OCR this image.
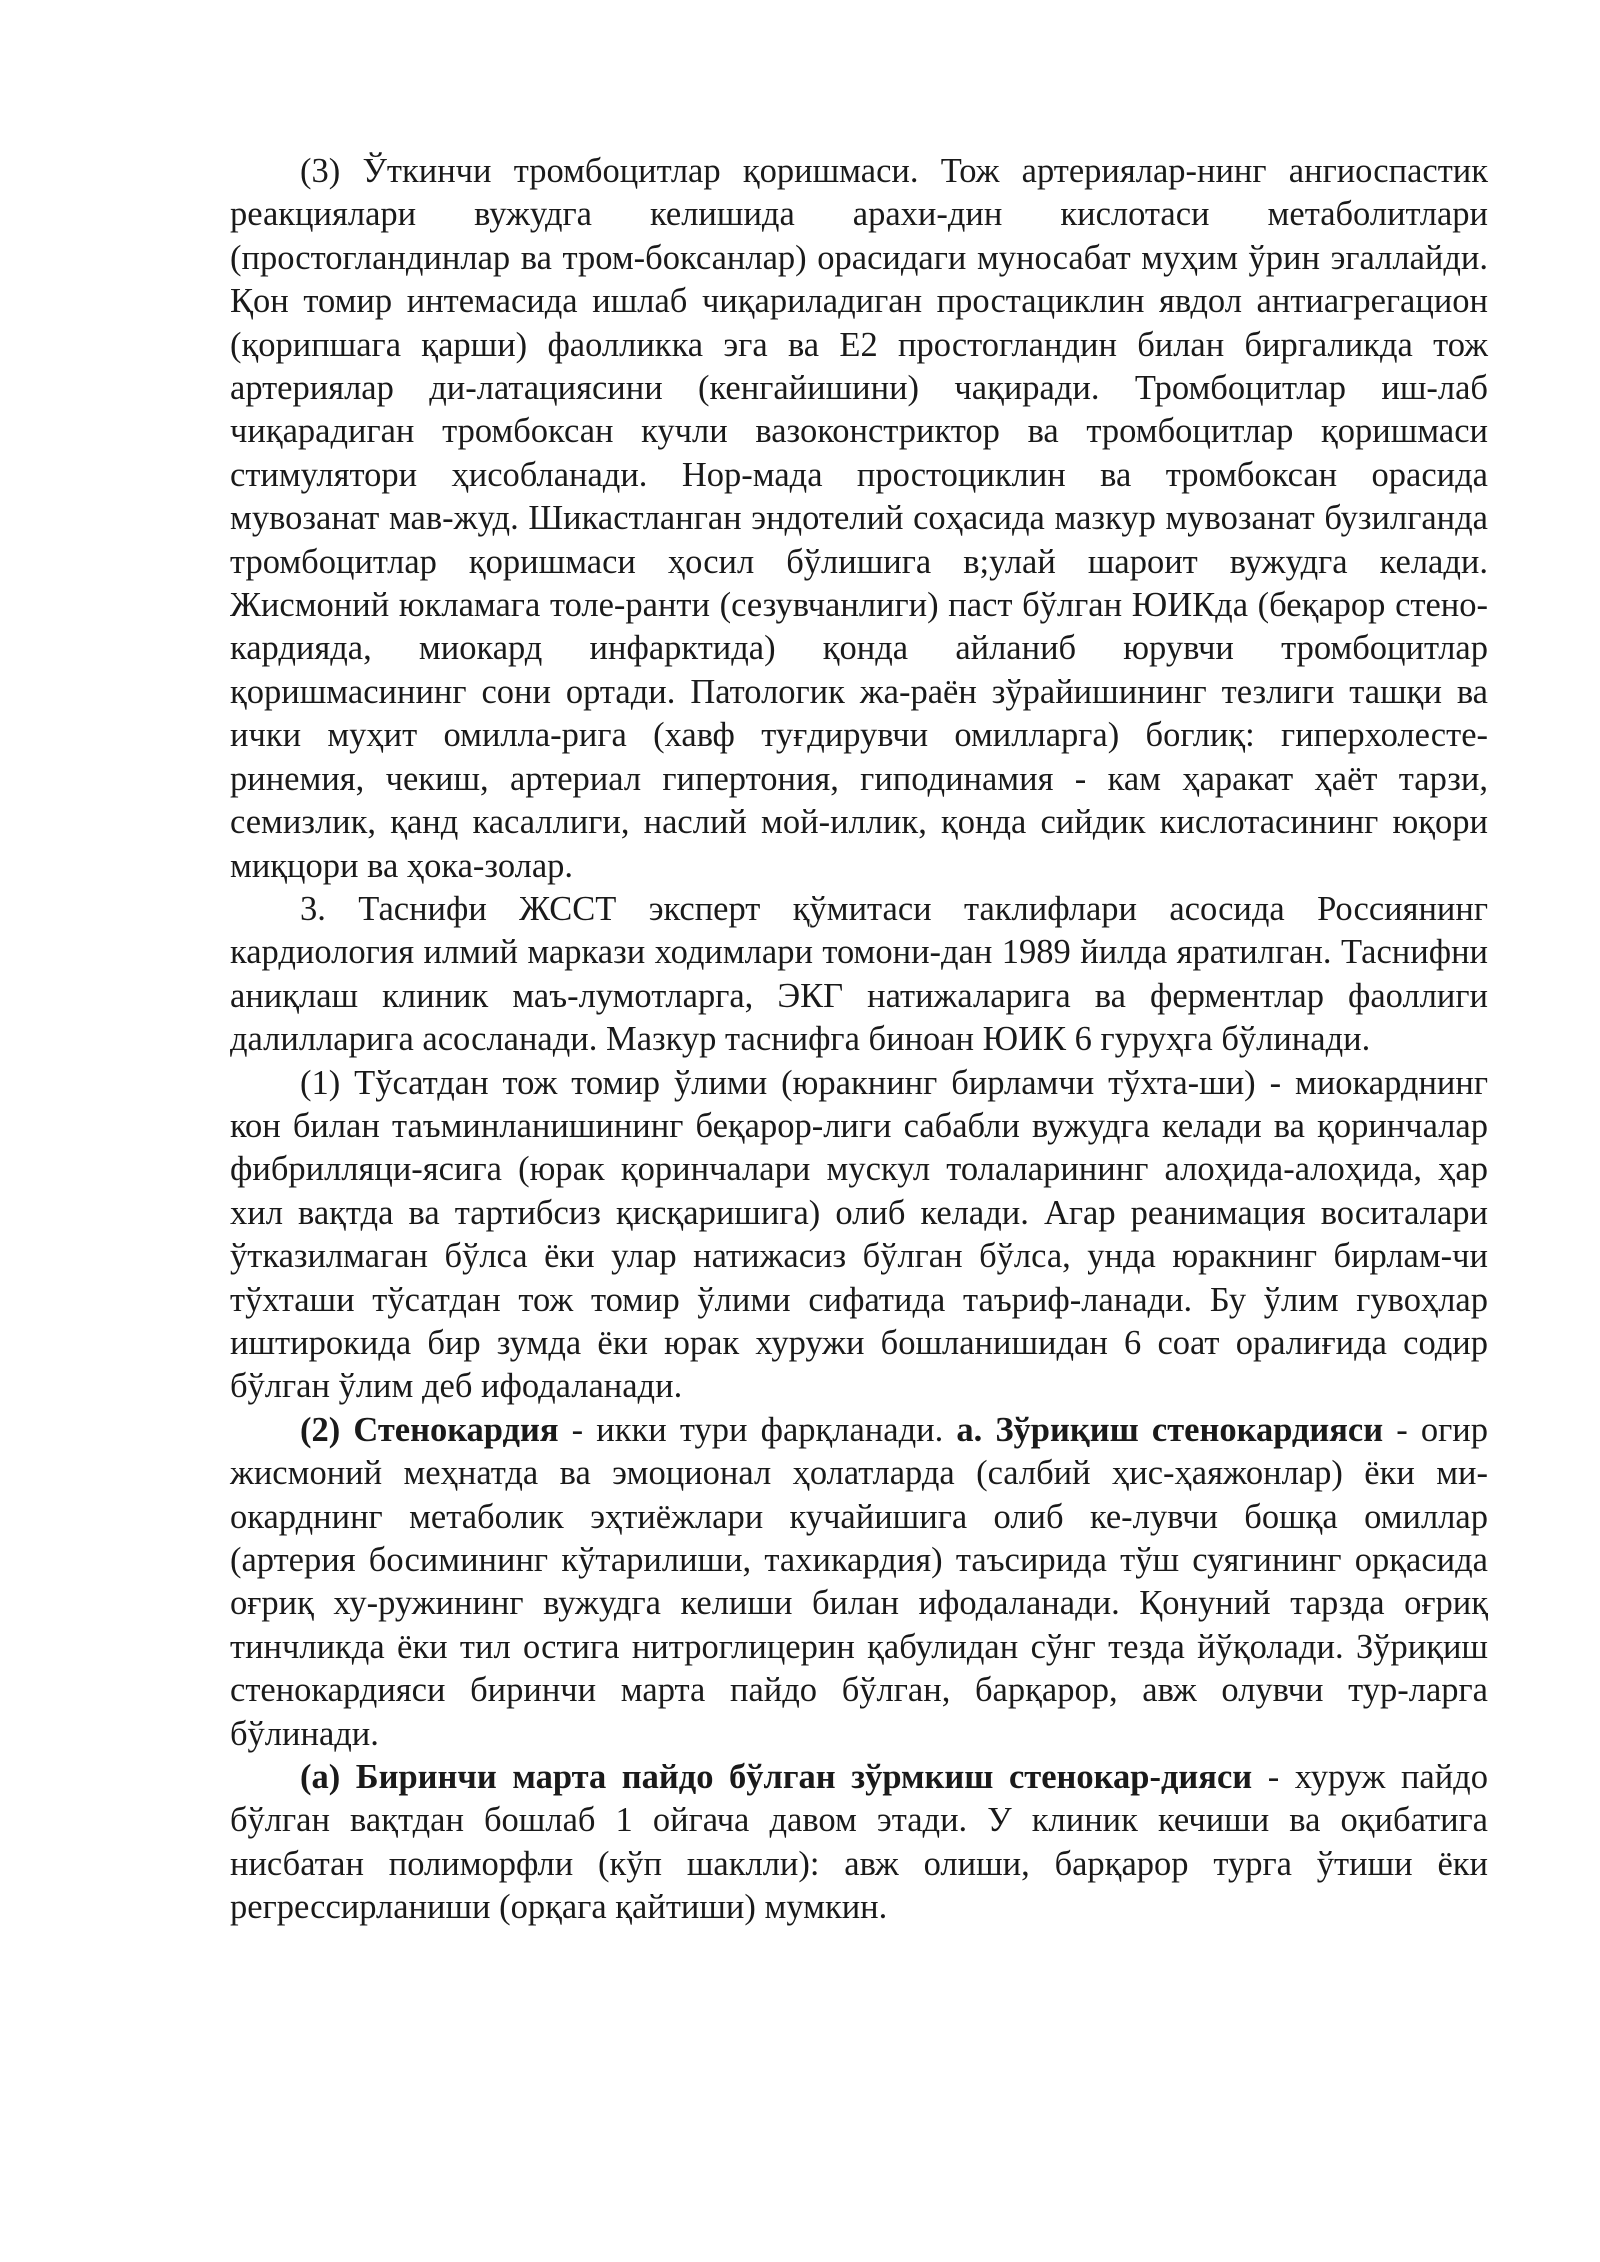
(3) Ўткинчи тромбоцитлар қоришмаси. Тож артериялар-нинг ангиоспастик реакциялари вужудга келишида арахи-дин кислотаси метаболитлари (простогландинлар ва тром-боксанлар) орасидаги муносабат муҳим ўрин эгаллайди. Қон томир интемасида ишлаб чиқариладиган простациклин явдол антиагрегацион (қорипшага қарши) фаолликка эга ва Е2 простогландин билан биргаликда тож артериялар ди-латациясини (кенгайишини) чақиради. Тромбоцитлар иш-лаб чиқарадиган тромбоксан кучли вазоконстриктор ва тромбоцитлар қоришмаси стимулятори ҳисобланади. Нор-мада простоциклин ва тромбоксан орасида мувозанат мав-жуд. Шикастланган эндотелий соҳасида мазкур мувозанат бузилганда тромбоцитлар қоришмаси ҳосил бўлишига в;улай шароит вужудга келади. Жисмоний юкламага толе-ранти (сезувчанлиги) паст бўлган ЮИКда (беқарор стено-кардияда, миокард инфарктида) қонда айланиб юрувчи тромбоцитлар қоришмасининг сони ортади. Патологик жа-раён зўрайишининг тезлиги ташқи ва ички муҳит омилла-рига (хавф туғдирувчи омилларга) боглиқ: гиперхолесте-ринемия, чекиш, артериал гипертония, гиподинамия - кам ҳаракат ҳаёт тарзи, семизлик, қанд касаллиги, наслий мой-иллик, қонда сийдик кислотасининг юқори миқцори ва ҳока-золар.

3. Таснифи ЖССТ эксперт қўмитаси таклифлари асосида Россиянинг кардиология илмий маркази ходимлари томони-дан 1989 йилда яратилган. Таснифни аниқлаш клиник маъ-лумотларга, ЭКГ натижаларига ва ферментлар фаоллиги далилларига асосланади. Мазкур таснифга биноан ЮИК 6 гуруҳга бўлинади.

(1) Тўсатдан тож томир ўлими (юракнинг бирламчи тўхта-ши) - миокарднинг кон билан таъминланишининг беқарор-лиги сабабли вужудга келади ва қоринчалар фибрилляци-ясига (юрак қоринчалари мускул толаларининг алоҳида-алоҳида, ҳар хил вақтда ва тартибсиз қисқаришига) олиб келади. Агар реанимация воситалари ўтказилмаган бўлса ёки улар натижасиз бўлган бўлса, унда юракнинг бирлам-чи тўхташи тўсатдан тож томир ўлими сифатида таъриф-ланади. Бу ўлим гувоҳлар иштирокида бир зумда ёки юрак хуружи бошланишидан 6 соат оралиғида содир бўлган ўлим деб ифодаланади.

(2) Стенокардия - икки тури фарқланади. а. Зўриқиш стенокардияси - огир жисмоний меҳнатда ва эмоционал ҳолатларда (салбий ҳис-ҳаяжонлар) ёки ми-окарднинг метаболик эҳтиёжлари кучайишига олиб ке-лувчи бошқа омиллар (артерия босимининг кўтарилиши, тахикардия) таъсирида тўш суягининг орқасида оғриқ ху-ружининг вужудга келиши билан ифодаланади. Қонуний тарзда оғриқ тинчликда ёки тил остига нитроглицерин қабулидан сўнг тезда йўқолади. Зўриқиш стенокардияси биринчи марта пайдо бўлган, барқарор, авж олувчи тур-ларга бўлинади.

(а) Биринчи марта пайдо бўлган зўрмкиш стенокар-дияси - хуруж пайдо бўлган вақтдан бошлаб 1 ойгача давом этади. У клиник кечиши ва оқибатига нисбатан полиморфли (кўп шаклли): авж олиши, барқарор турга ўтиши ёки регрессирланиши (орқага қайтиши) мумкин.
